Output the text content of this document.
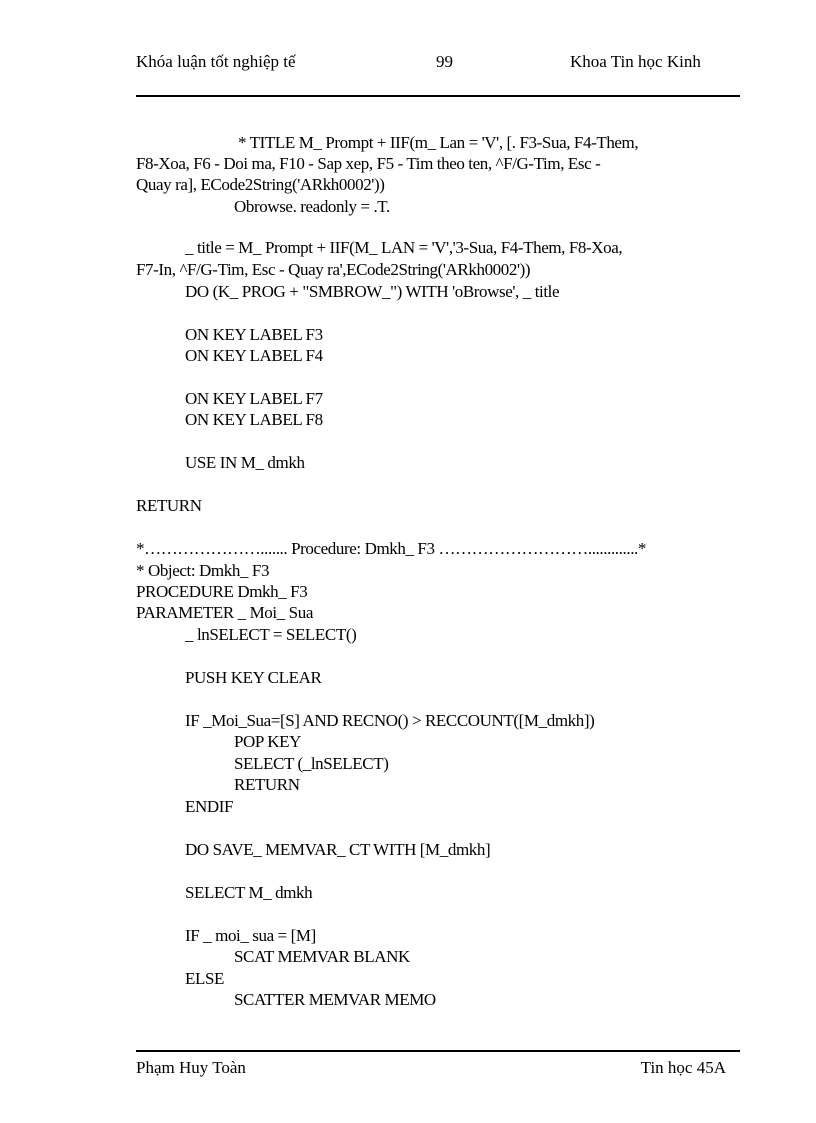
Khóa luận tốt nghiệp tế	99	Khoa Tin học Kinh
* TITLE M_ Prompt + IIF(m_ Lan = 'V', [. F3-Sua, F4-Them,
F8-Xoa, F6 - Doi ma, F10 - Sap xep, F5 - Tim theo ten, ^F/G-Tim, Esc -
Quay ra], ECode2String('ARkh0002'))
Obrowse. readonly = .T.
_ title = M_ Prompt + IIF(M_ LAN = 'V','3-Sua, F4-Them, F8-Xoa,
F7-In, ^F/G-Tim, Esc - Quay ra',ECode2String('ARkh0002'))
DO (K_ PROG + "SMBROW_") WITH 'oBrowse', _ title
ON KEY LABEL F3
ON KEY LABEL F4
ON KEY LABEL F7
ON KEY LABEL F8
USE IN M_ dmkh
RETURN
*…………………....... Procedure: Dmkh_ F3 ……………………….............*
* Object: Dmkh_ F3
PROCEDURE Dmkh_ F3
PARAMETER _ Moi_ Sua
_ lnSELECT = SELECT()
PUSH KEY CLEAR
IF _Moi_Sua=[S] AND RECNO() > RECCOUNT([M_dmkh])
POP KEY
SELECT (_lnSELECT)
RETURN
ENDIF
DO SAVE_ MEMVAR_ CT WITH [M_dmkh]
SELECT M_ dmkh
IF _ moi_ sua = [M]
SCAT MEMVAR BLANK
ELSE
SCATTER MEMVAR MEMO
Phạm Huy Toàn	Tin học 45A
